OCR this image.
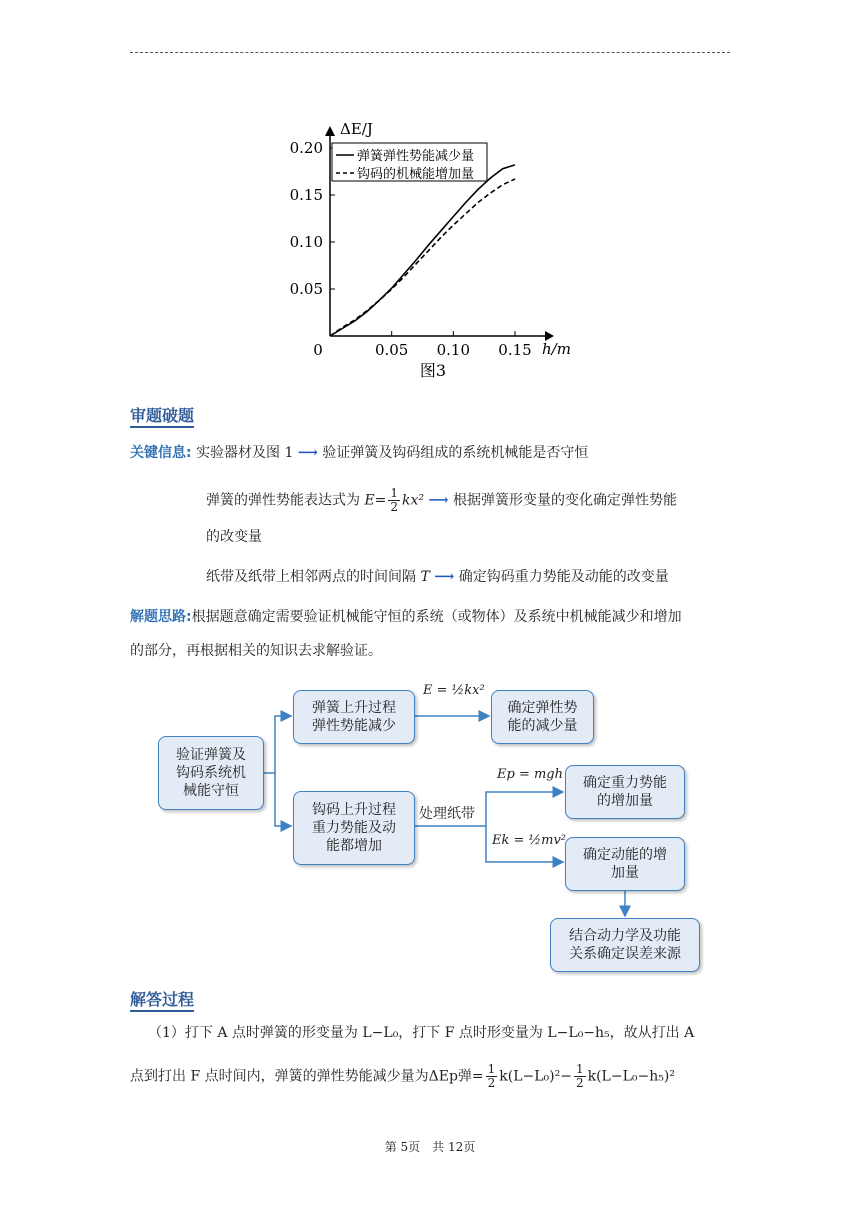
0	0.05 0.10 0.15
0.05
0.10
0.15
0.20
ΔE/J
h/m
图3
弹簧弹性势能减少量
钩码的机械能增加量
审题破题
关键信息: 实验器材及图 1 ⟶ 验证弹簧及钩码组成的系统机械能是否守恒
弹簧的弹性势能表达式为 $E= \frac{1}{2} kx^2$ ⟶ 根据弹簧形变量的变化确定弹性势能
的改变量
纸带及纸带上相邻两点的时间间隔 T ⟶ 确定钩码重力势能及动能的改变量
解题思路:根据题意确定需要验证机械能守恒的系统（或物体）及系统中机械能减少和增加
的部分，再根据相关的知识去求解验证。
验证弹簧及
钩码系统机
械能守恒
弹簧上升过程
弹性势能减少
钩码上升过程
重力势能及动
能都增加
确定弹性势
能的减少量
确定重力势能
的增加量
确定动能的增
加量
结合动力学及功能
关系确定误差来源
E = ½kx²
Ep = mgh
Ek = ½mv²
处理纸带
解答过程
（1）打下 A 点时弹簧的形变量为 L−L₀，打下 F 点时形变量为 L−L₀−h₅，故从打出 A
点到打出 F 点时间内，弹簧的弹性势能减少量为ΔEp弹= $\frac{1}{2} k(L-L_0)^2- \frac{1}{2} k(L-L_0-h_5)^2$
第 5页　共 12页
